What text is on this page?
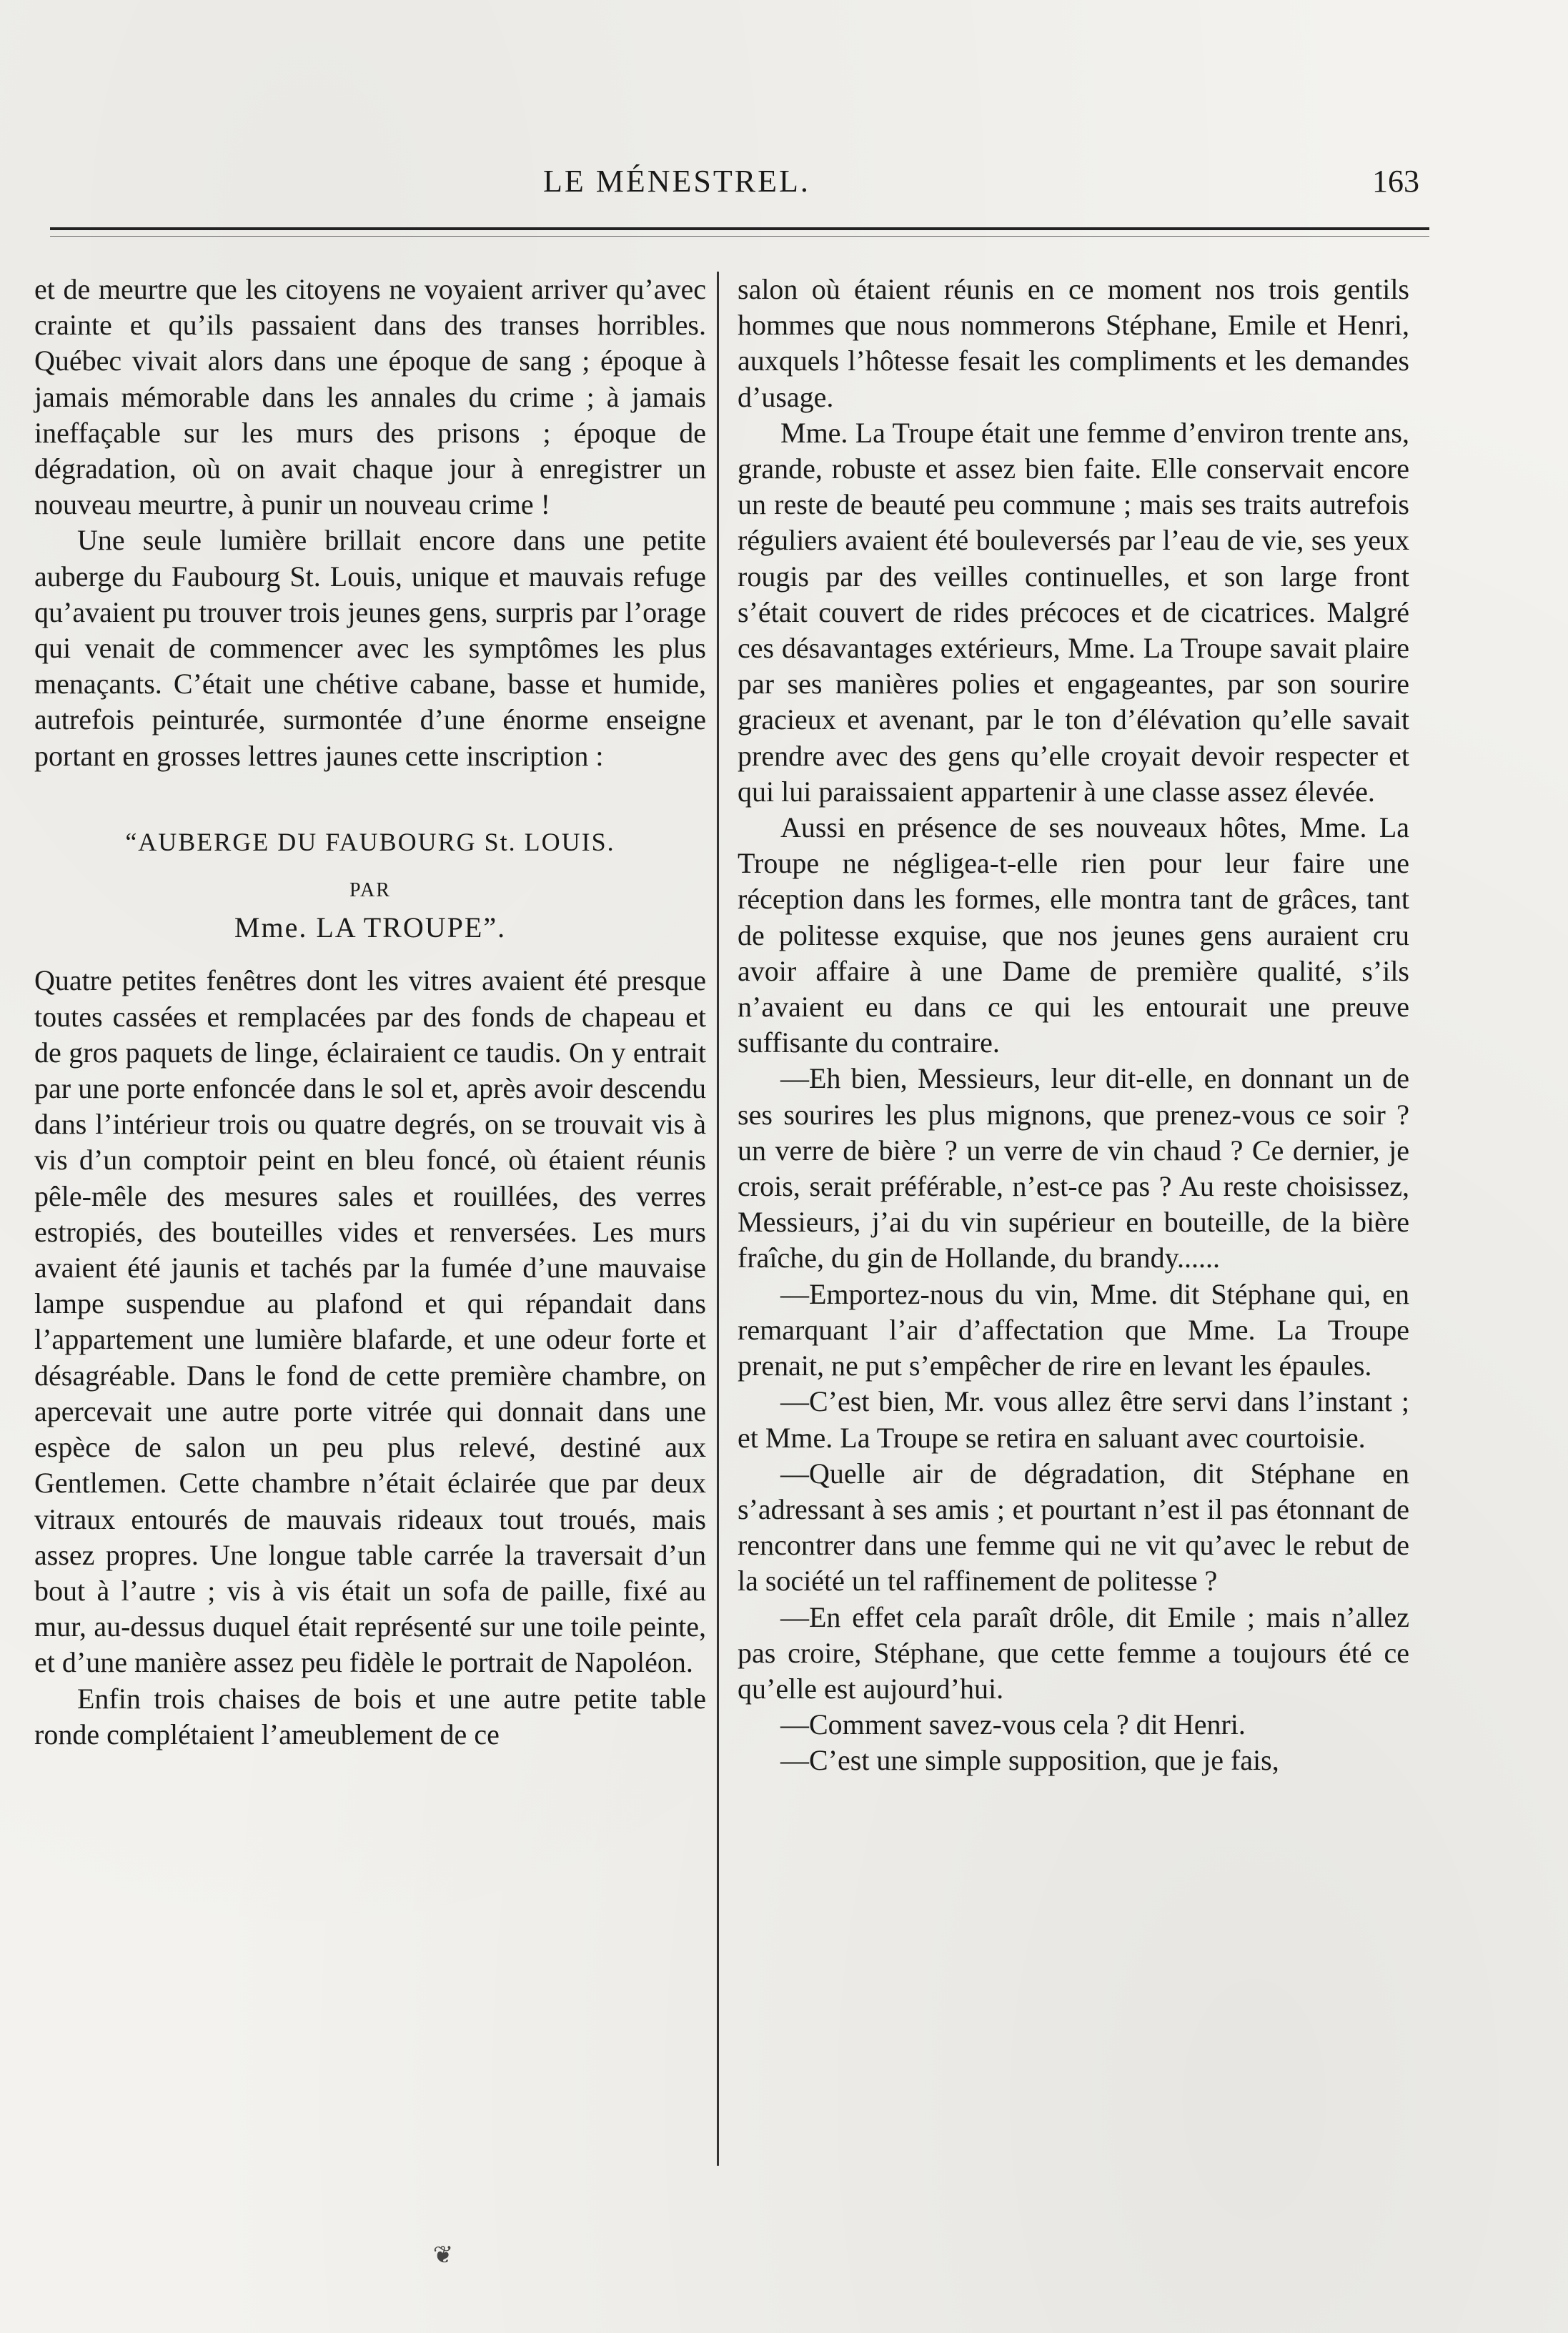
LE MÉNESTREL.	163

et de meurtre que les citoyens ne voyaient arriver qu’avec crainte et qu’ils passaient dans des transes horribles. Québec vivait alors dans une époque de sang ; époque à jamais mémorable dans les annales du crime ; à jamais ineffaçable sur les murs des prisons ; époque de dégradation, où on avait chaque jour à enregistrer un nouveau meurtre, à punir un nouveau crime !

Une seule lumière brillait encore dans une petite auberge du Faubourg St. Louis, unique et mauvais refuge qu’avaient pu trouver trois jeunes gens, surpris par l’orage qui venait de commencer avec les symptômes les plus menaçants. C’était une chétive cabane, basse et humide, autrefois peinturée, surmontée d’une énorme enseigne portant en grosses lettres jaunes cette inscription :

“AUBERGE DU FAUBOURG St. LOUIS.

PAR

Mme. LA TROUPE”.

Quatre petites fenêtres dont les vitres avaient été presque toutes cassées et remplacées par des fonds de chapeau et de gros paquets de linge, éclairaient ce taudis. On y entrait par une porte enfoncée dans le sol et, après avoir descendu dans l’intérieur trois ou quatre degrés, on se trouvait vis à vis d’un comptoir peint en bleu foncé, où étaient réunis pêle-mêle des mesures sales et rouillées, des verres estropiés, des bouteilles vides et renversées. Les murs avaient été jaunis et tachés par la fumée d’une mauvaise lampe suspendue au plafond et qui répandait dans l’appartement une lumière blafarde, et une odeur forte et désagréable. Dans le fond de cette première chambre, on apercevait une autre porte vitrée qui donnait dans une espèce de salon un peu plus relevé, destiné aux Gentlemen. Cette chambre n’était éclairée que par deux vitraux entourés de mauvais rideaux tout troués, mais assez propres. Une longue table carrée la traversait d’un bout à l’autre ; vis à vis était un sofa de paille, fixé au mur, au-dessus duquel était représenté sur une toile peinte, et d’une manière assez peu fidèle le portrait de Napoléon.

Enfin trois chaises de bois et une autre petite table ronde complétaient l’ameublement de ce

salon où étaient réunis en ce moment nos trois gentils hommes que nous nommerons Stéphane, Emile et Henri, auxquels l’hôtesse fesait les compliments et les demandes d’usage.

Mme. La Troupe était une femme d’environ trente ans, grande, robuste et assez bien faite. Elle conservait encore un reste de beauté peu commune ; mais ses traits autrefois réguliers avaient été bouleversés par l’eau de vie, ses yeux rougis par des veilles continuelles, et son large front s’était couvert de rides précoces et de cicatrices. Malgré ces désavantages extérieurs, Mme. La Troupe savait plaire par ses manières polies et engageantes, par son sourire gracieux et avenant, par le ton d’élévation qu’elle savait prendre avec des gens qu’elle croyait devoir respecter et qui lui paraissaient appartenir à une classe assez élevée.

Aussi en présence de ses nouveaux hôtes, Mme. La Troupe ne négligea-t-elle rien pour leur faire une réception dans les formes, elle montra tant de grâces, tant de politesse exquise, que nos jeunes gens auraient cru avoir affaire à une Dame de première qualité, s’ils n’avaient eu dans ce qui les entourait une preuve suffisante du contraire.

—Eh bien, Messieurs, leur dit-elle, en donnant un de ses sourires les plus mignons, que prenez-vous ce soir ? un verre de bière ? un verre de vin chaud ? Ce dernier, je crois, serait préférable, n’est-ce pas ? Au reste choisissez, Messieurs, j’ai du vin supérieur en bouteille, de la bière fraîche, du gin de Hollande, du brandy......

—Emportez-nous du vin, Mme. dit Stéphane qui, en remarquant l’air d’affectation que Mme. La Troupe prenait, ne put s’empêcher de rire en levant les épaules.

—C’est bien, Mr. vous allez être servi dans l’instant ; et Mme. La Troupe se retira en saluant avec courtoisie.

—Quelle air de dégradation, dit Stéphane en s’adressant à ses amis ; et pourtant n’est il pas étonnant de rencontrer dans une femme qui ne vit qu’avec le rebut de la société un tel raffinement de politesse ?

—En effet cela paraît drôle, dit Emile ; mais n’allez pas croire, Stéphane, que cette femme a toujours été ce qu’elle est aujourd’hui.

—Comment savez-vous cela ? dit Henri.

—C’est une simple supposition, que je fais,

❦
